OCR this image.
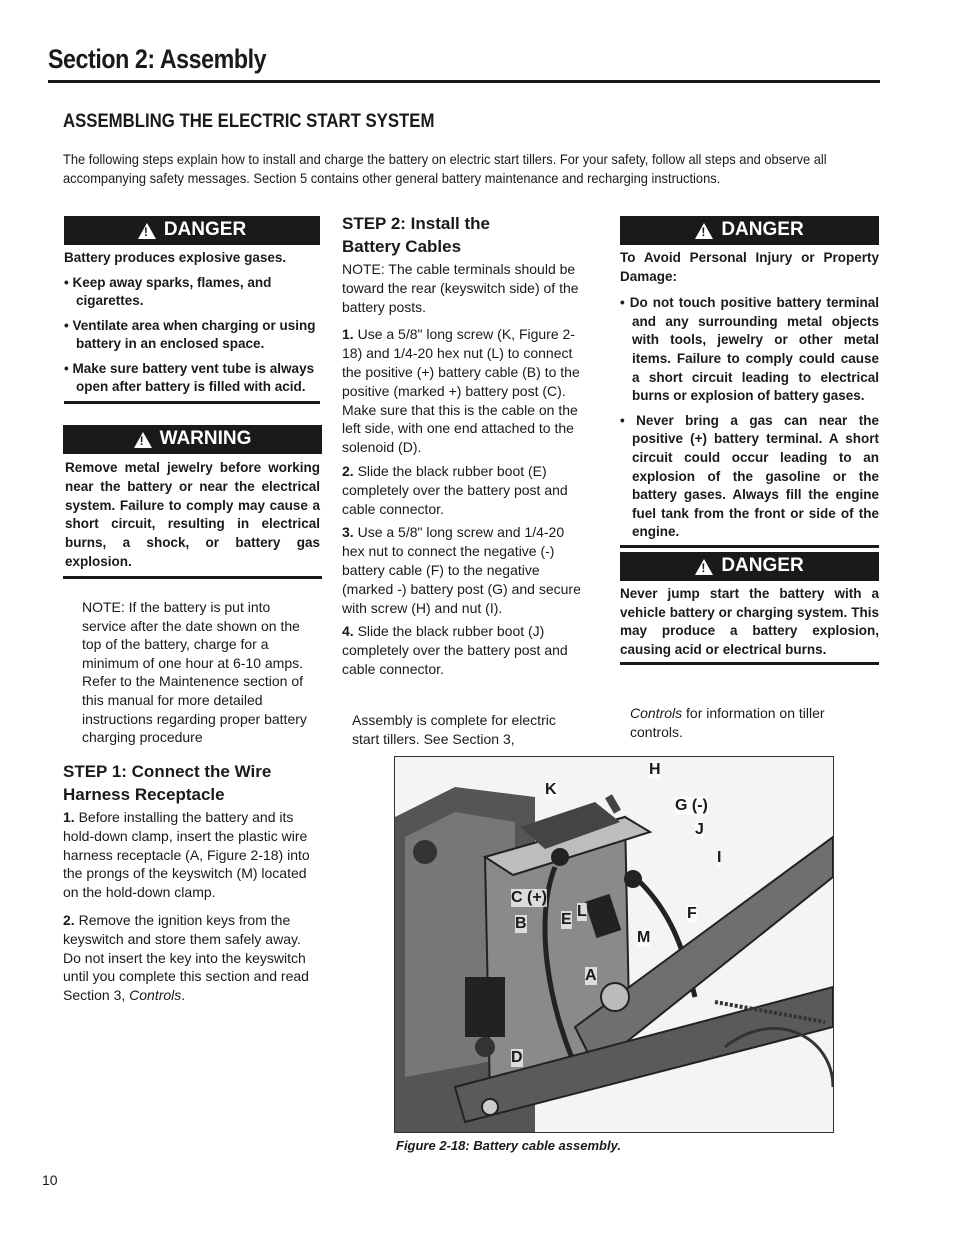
Section 2: Assembly
ASSEMBLING THE ELECTRIC START SYSTEM
The following steps explain how to install and charge the battery on electric start tillers. For your safety, follow all steps and observe all accompanying safety messages. Section 5 contains other general battery maintenance and recharging instructions.
!
DANGER
Battery produces explosive gases.
• Keep away sparks, flames, and cigarettes.
• Ventilate area when charging or using battery in an enclosed space.
• Make sure battery vent tube is always open after battery is filled with acid.
!
WARNING
Remove metal jewelry before working near the battery or near the electrical system. Failure to comply may cause a short circuit, resulting in electrical burns, a shock, or battery gas explosion.
NOTE: If the battery is put into service after the date shown on the top of the battery, charge for a minimum of one hour at 6-10 amps. Refer to the Maintenence section of this manual for more detailed instructions regarding proper battery charging procedure
STEP 1: Connect the Wire Harness Receptacle
1. Before installing the battery and its hold-down clamp, insert the plastic wire harness receptacle (A, Figure 2-18) into the prongs of the keyswitch (M) located on the hold-down clamp.
2. Remove the ignition keys from the keyswitch and store them safely away. Do not insert the key into the keyswitch until you complete this section and read Section 3, Controls.
STEP 2: Install the Battery Cables
NOTE: The cable terminals should be toward the rear (keyswitch side) of the battery posts.
1. Use a 5/8" long screw (K, Figure 2-18) and 1/4-20 hex nut (L) to connect the positive (+) battery cable (B) to the positive (marked +) battery post (C). Make sure that this is the cable on the left side, with one end attached to the solenoid (D).
2. Slide the black rubber boot (E) completely over the battery post and cable connector.
3. Use a 5/8" long screw and 1/4-20 hex nut to connect the negative (-) battery cable (F) to the negative (marked -) battery post (G) and secure with screw (H) and nut (I).
4. Slide the black rubber boot (J) completely over the battery post and cable connector.
Assembly is complete for electric start tillers. See Section 3,
Controls for information on tiller controls.
!
DANGER
To Avoid Personal Injury or Property Damage:
• Do not touch positive battery terminal and any surrounding metal objects with tools, jewelry or other metal items. Failure to comply could cause a short circuit leading to electrical burns or explosion of battery gases.
• Never bring a gas can near the positive (+) battery terminal. A short circuit could occur leading to an explosion of the gasoline or the battery gases. Always fill the engine fuel tank from the front or side of the engine.
!
DANGER
Never jump start the battery with a vehicle battery or charging system. This may produce a battery explosion, causing acid or electrical burns.
H
K
G (-)
J
I
C (+)
L
B E	F
M
A
D
Figure 2-18: Battery cable assembly.
10
